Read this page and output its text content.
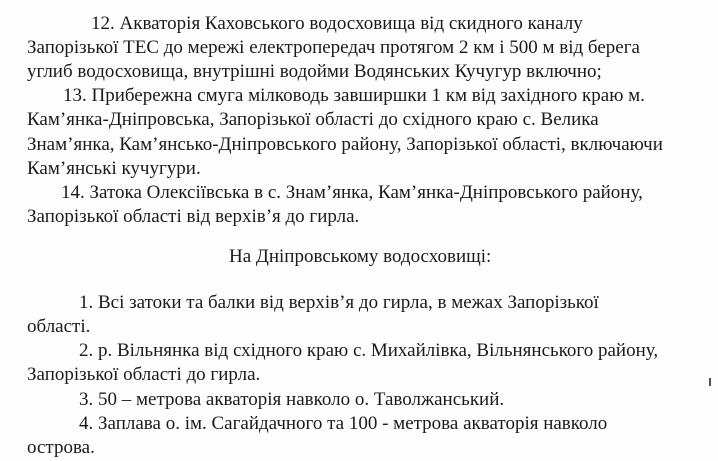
12. Акваторія Каховського водосховища від скидного каналу
Запорізької ТЕС до мережі електропередач протягом 2 км і 500 м від берега
углиб водосховища, внутрішні водойми Водянських Кучугур включно;
13. Прибережна смуга мілководь завширшки 1 км від західного краю м.
Кам’янка-Дніпровська, Запорізької області до східного краю с. Велика
Знам’янка, Кам’янсько-Дніпровського району, Запорізької області, включаючи
Кам’янські кучугури.
14. Затока Олексіївська в с. Знам’янка, Кам’янка-Дніпровського району,
Запорізької області від верхів’я до гирла.
На Дніпровському водосховищі:
1. Всі затоки та балки від верхів’я до гирла, в межах Запорізької
області.
2. р. Вільнянка від східного краю с. Михайлівка, Вільнянського району,
Запорізької області до гирла.
3. 50 – метрова акваторія навколо о. Таволжанський.
4. Заплава о. ім. Сагайдачного та 100 - метрова акваторія навколо
острова.
